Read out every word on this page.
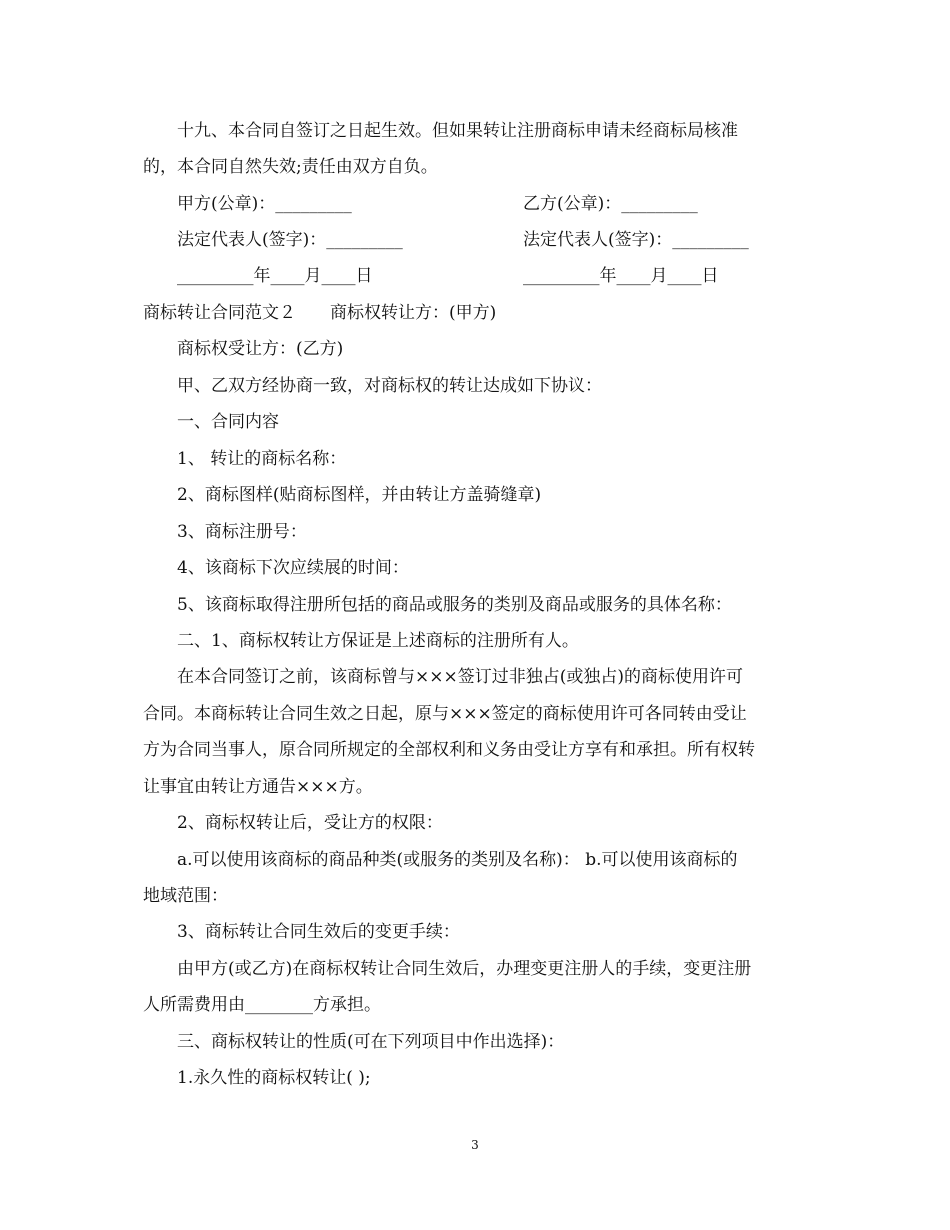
十九、本合同自签订之日起生效。但如果转让注册商标申请未经商标局核准
的，本合同自然失效;责任由双方自负。
甲方(公章)：_________	乙方(公章)：_________
法定代表人(签字)：_________	法定代表人(签字)：_________
_________年____月____日	_________年____月____日
商标转让合同范文２　　商标权转让方：(甲方)
商标权受让方：(乙方)
甲、乙双方经协商一致，对商标权的转让达成如下协议：
一、合同内容
1、 转让的商标名称：
2、商标图样(贴商标图样，并由转让方盖骑缝章)
3、商标注册号：
4、该商标下次应续展的时间：
5、该商标取得注册所包括的商品或服务的类别及商品或服务的具体名称：
二、1、商标权转让方保证是上述商标的注册所有人。
在本合同签订之前，该商标曾与×××签订过非独占(或独占)的商标使用许可
合同。本商标转让合同生效之日起，原与×××签定的商标使用许可各同转由受让
方为合同当事人，原合同所规定的全部权利和义务由受让方享有和承担。所有权转
让事宜由转让方通告×××方。
2、商标权转让后，受让方的权限：
a.可以使用该商标的商品种类(或服务的类别及名称)： b.可以使用该商标的
地域范围：
3、商标转让合同生效后的变更手续：
由甲方(或乙方)在商标权转让合同生效后，办理变更注册人的手续，变更注册
人所需费用由________方承担。
三、商标权转让的性质(可在下列项目中作出选择)：
1.永久性的商标权转让( );
3
